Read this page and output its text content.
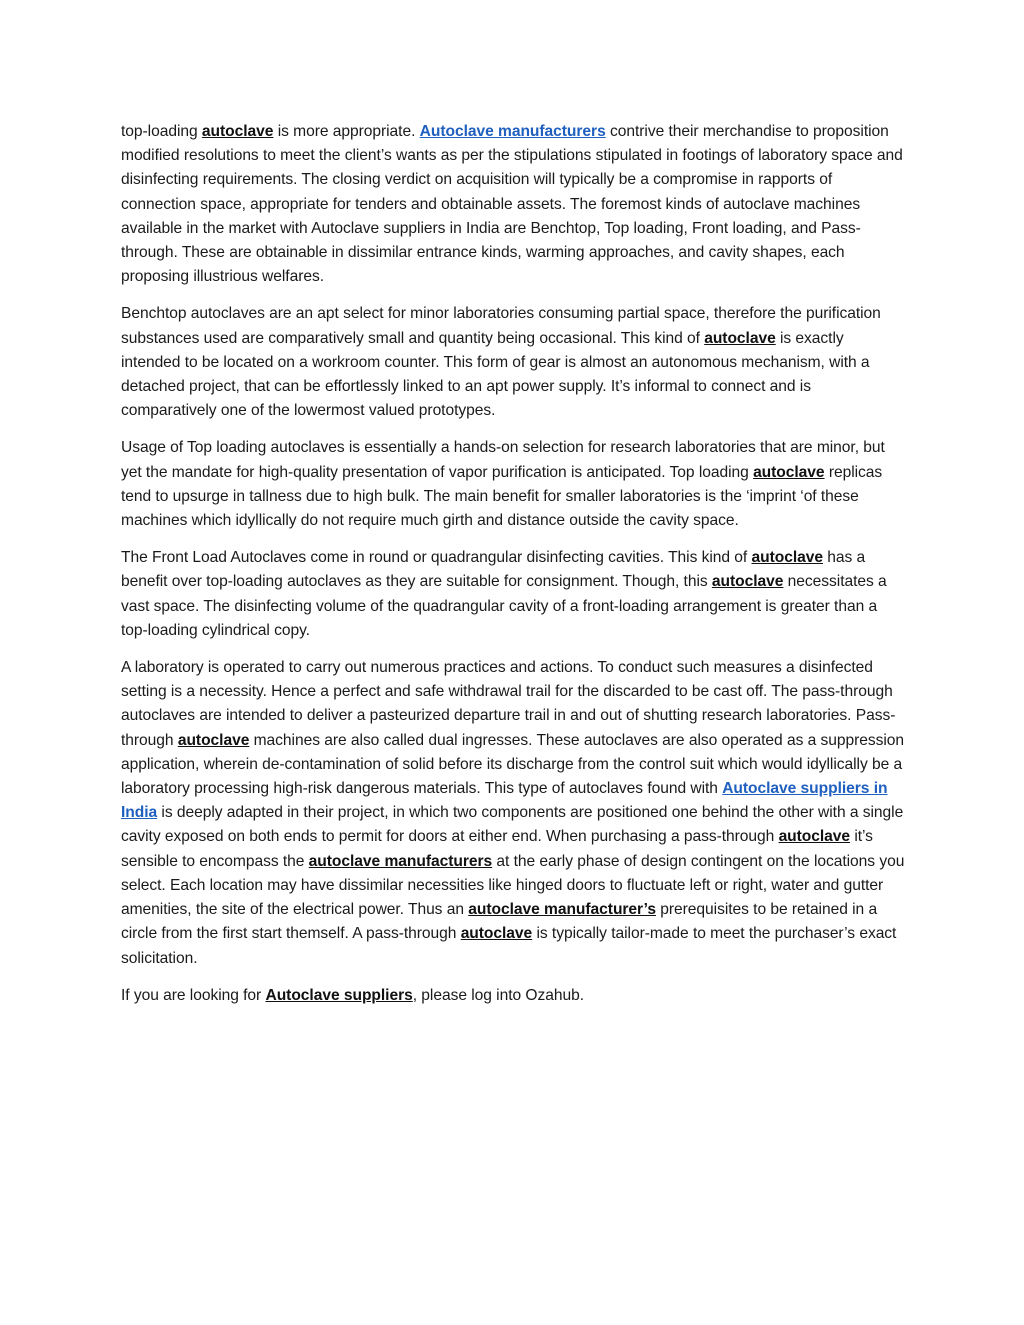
top-loading autoclave is more appropriate. Autoclave manufacturers contrive their merchandise to proposition modified resolutions to meet the client’s wants as per the stipulations stipulated in footings of laboratory space and disinfecting requirements. The closing verdict on acquisition will typically be a compromise in rapports of connection space, appropriate for tenders and obtainable assets. The foremost kinds of autoclave machines available in the market with Autoclave suppliers in India are Benchtop, Top loading, Front loading, and Pass-through. These are obtainable in dissimilar entrance kinds, warming approaches, and cavity shapes, each proposing illustrious welfares.

Benchtop autoclaves are an apt select for minor laboratories consuming partial space, therefore the purification substances used are comparatively small and quantity being occasional. This kind of autoclave is exactly intended to be located on a workroom counter. This form of gear is almost an autonomous mechanism, with a detached project, that can be effortlessly linked to an apt power supply. It’s informal to connect and is comparatively one of the lowermost valued prototypes.

Usage of Top loading autoclaves is essentially a hands-on selection for research laboratories that are minor, but yet the mandate for high-quality presentation of vapor purification is anticipated. Top loading autoclave replicas tend to upsurge in tallness due to high bulk. The main benefit for smaller laboratories is the ‘imprint ‘of these machines which idyllically do not require much girth and distance outside the cavity space.

The Front Load Autoclaves come in round or quadrangular disinfecting cavities. This kind of autoclave has a benefit over top-loading autoclaves as they are suitable for consignment. Though, this autoclave necessitates a vast space. The disinfecting volume of the quadrangular cavity of a front-loading arrangement is greater than a top-loading cylindrical copy.

A laboratory is operated to carry out numerous practices and actions. To conduct such measures a disinfected setting is a necessity. Hence a perfect and safe withdrawal trail for the discarded to be cast off. The pass-through autoclaves are intended to deliver a pasteurized departure trail in and out of shutting research laboratories. Pass-through autoclave machines are also called dual ingresses. These autoclaves are also operated as a suppression application, wherein de-contamination of solid before its discharge from the control suit which would idyllically be a laboratory processing high-risk dangerous materials. This type of autoclaves found with Autoclave suppliers in India is deeply adapted in their project, in which two components are positioned one behind the other with a single cavity exposed on both ends to permit for doors at either end. When purchasing a pass-through autoclave it’s sensible to encompass the autoclave manufacturers at the early phase of design contingent on the locations you select. Each location may have dissimilar necessities like hinged doors to fluctuate left or right, water and gutter amenities, the site of the electrical power. Thus an autoclave manufacturer’s prerequisites to be retained in a circle from the first start themself. A pass-through autoclave is typically tailor-made to meet the purchaser’s exact solicitation.

If you are looking for Autoclave suppliers, please log into Ozahub.
